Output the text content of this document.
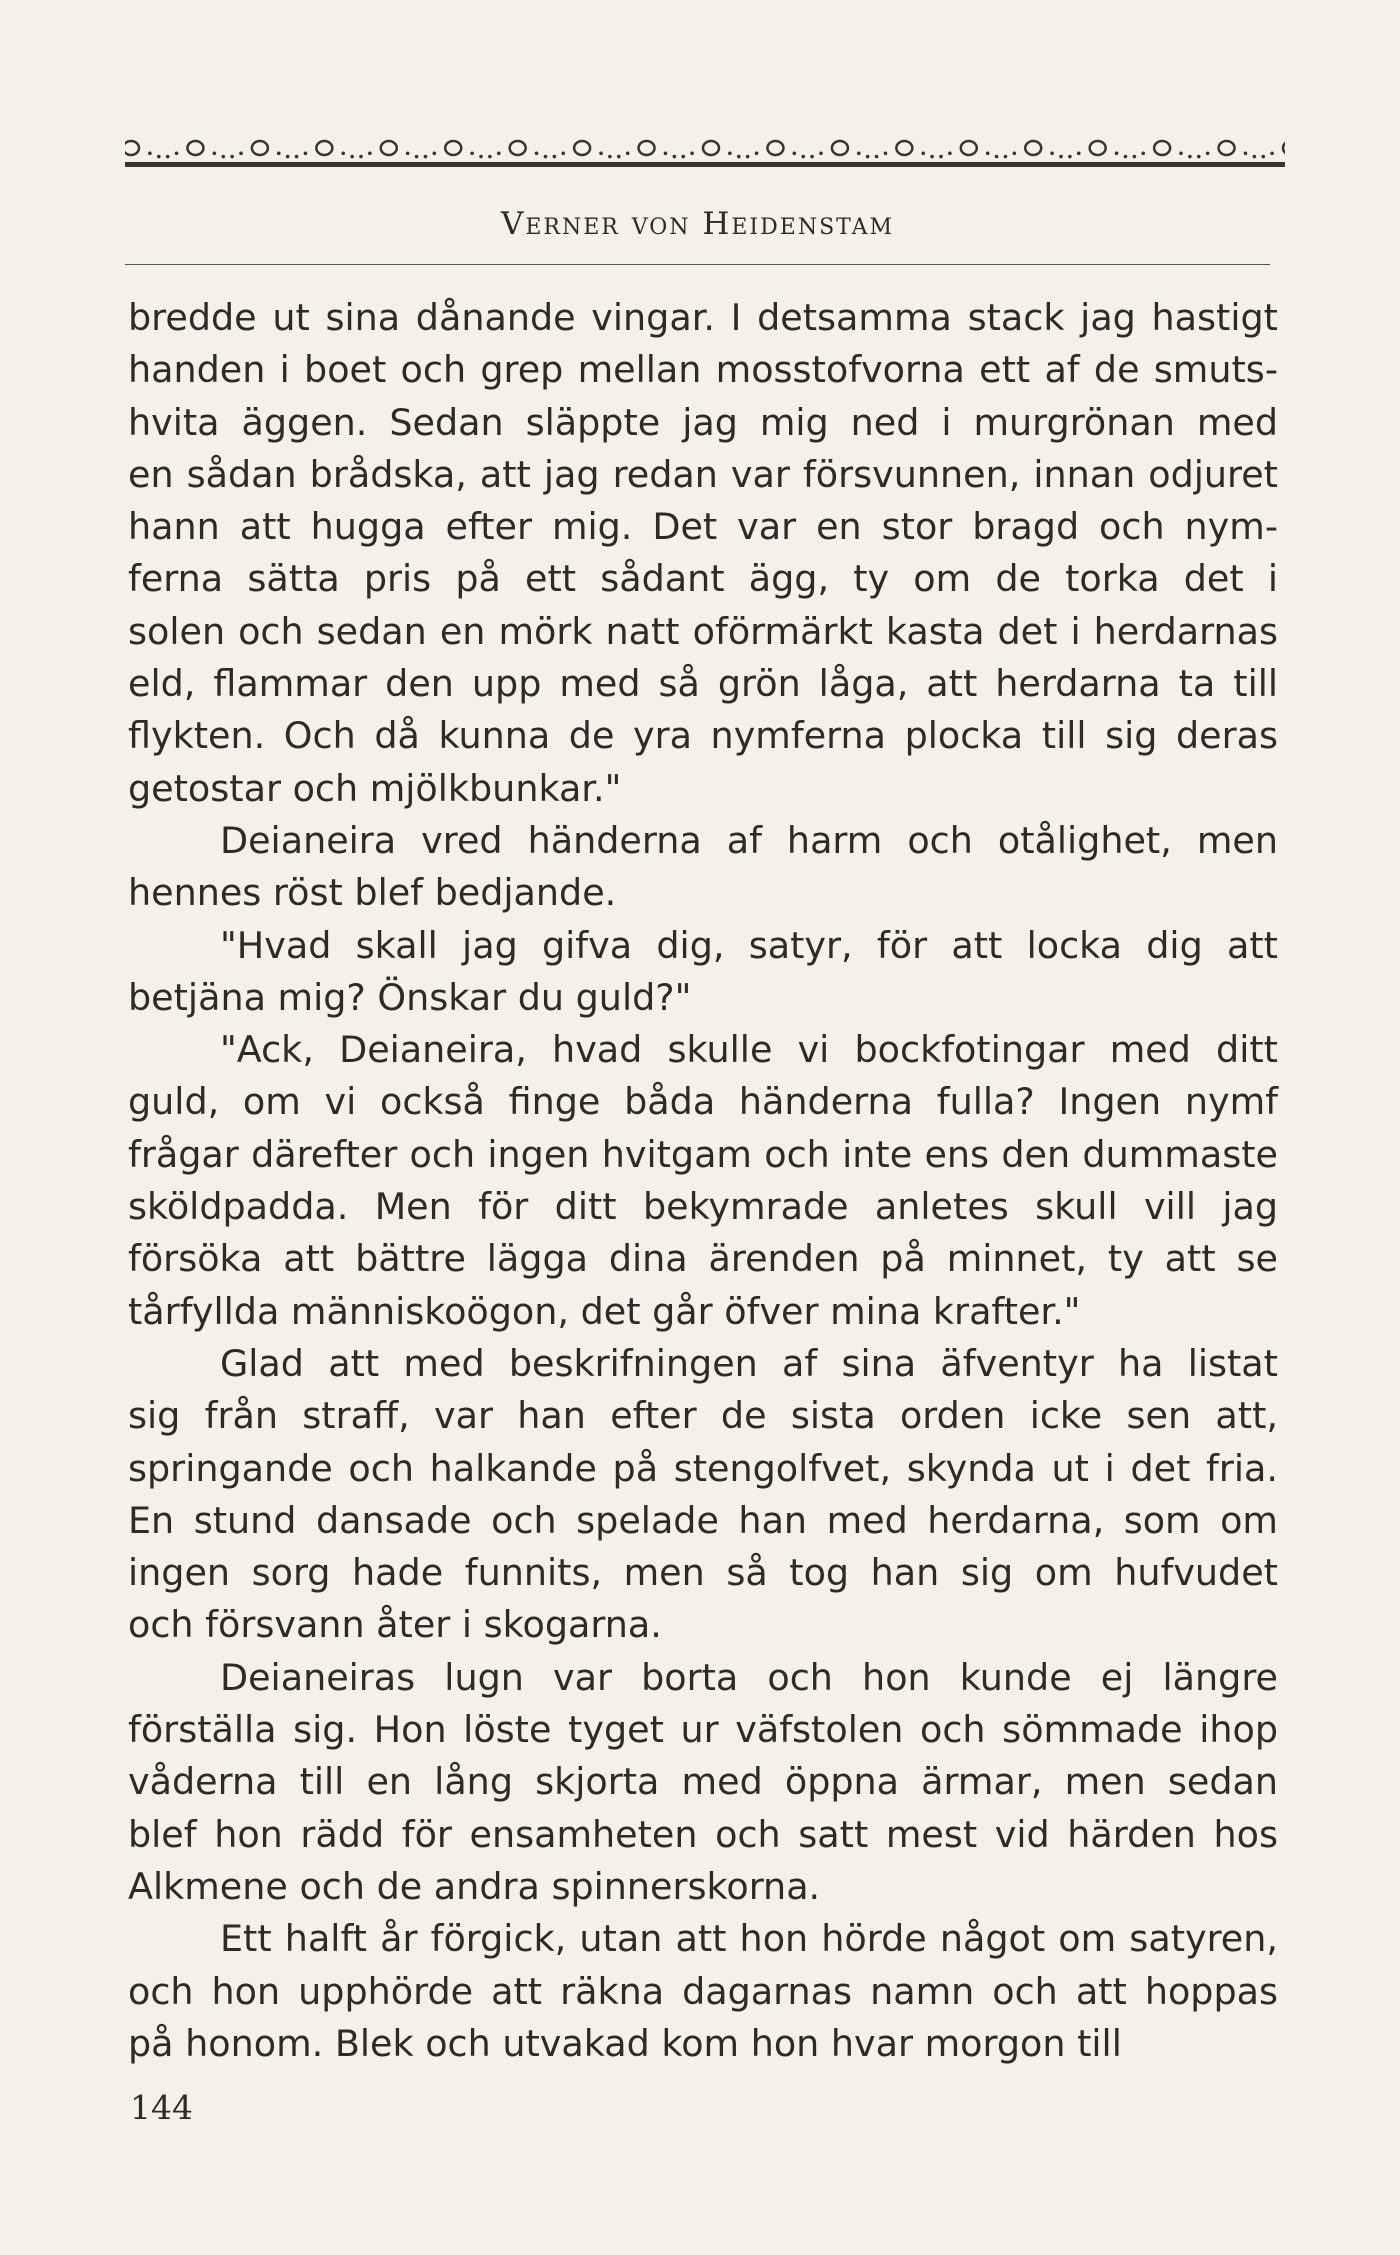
Verner von Heidenstam

bredde ut sina dånande vingar. I detsamma stack jag hastigt
handen i boet och grep mellan mosstofvorna ett af de smuts-
hvita äggen. Sedan släppte jag mig ned i murgrönan med
en sådan brådska, att jag redan var försvunnen, innan odjuret
hann att hugga efter mig. Det var en stor bragd och nym-
ferna sätta pris på ett sådant ägg, ty om de torka det i
solen och sedan en mörk natt oförmärkt kasta det i herdarnas
eld, flammar den upp med så grön låga, att herdarna ta till
flykten. Och då kunna de yra nymferna plocka till sig deras
getostar och mjölkbunkar."

Deianeira vred händerna af harm och otålighet, men
hennes röst blef bedjande.

"Hvad skall jag gifva dig, satyr, för att locka dig att
betjäna mig? Önskar du guld?"

"Ack, Deianeira, hvad skulle vi bockfotingar med ditt
guld, om vi också finge båda händerna fulla? Ingen nymf
frågar därefter och ingen hvitgam och inte ens den dummaste
sköldpadda. Men för ditt bekymrade anletes skull vill jag
försöka att bättre lägga dina ärenden på minnet, ty att se
tårfyllda människoögon, det går öfver mina krafter."

Glad att med beskrifningen af sina äfventyr ha listat
sig från straff, var han efter de sista orden icke sen att,
springande och halkande på stengolfvet, skynda ut i det fria.
En stund dansade och spelade han med herdarna, som om
ingen sorg hade funnits, men så tog han sig om hufvudet
och försvann åter i skogarna.

Deianeiras lugn var borta och hon kunde ej längre
förställa sig. Hon löste tyget ur väfstolen och sömmade ihop
våderna till en lång skjorta med öppna ärmar, men sedan
blef hon rädd för ensamheten och satt mest vid härden hos
Alkmene och de andra spinnerskorna.

Ett halft år förgick, utan att hon hörde något om satyren,
och hon upphörde att räkna dagarnas namn och att hoppas
på honom. Blek och utvakad kom hon hvar morgon till

144
